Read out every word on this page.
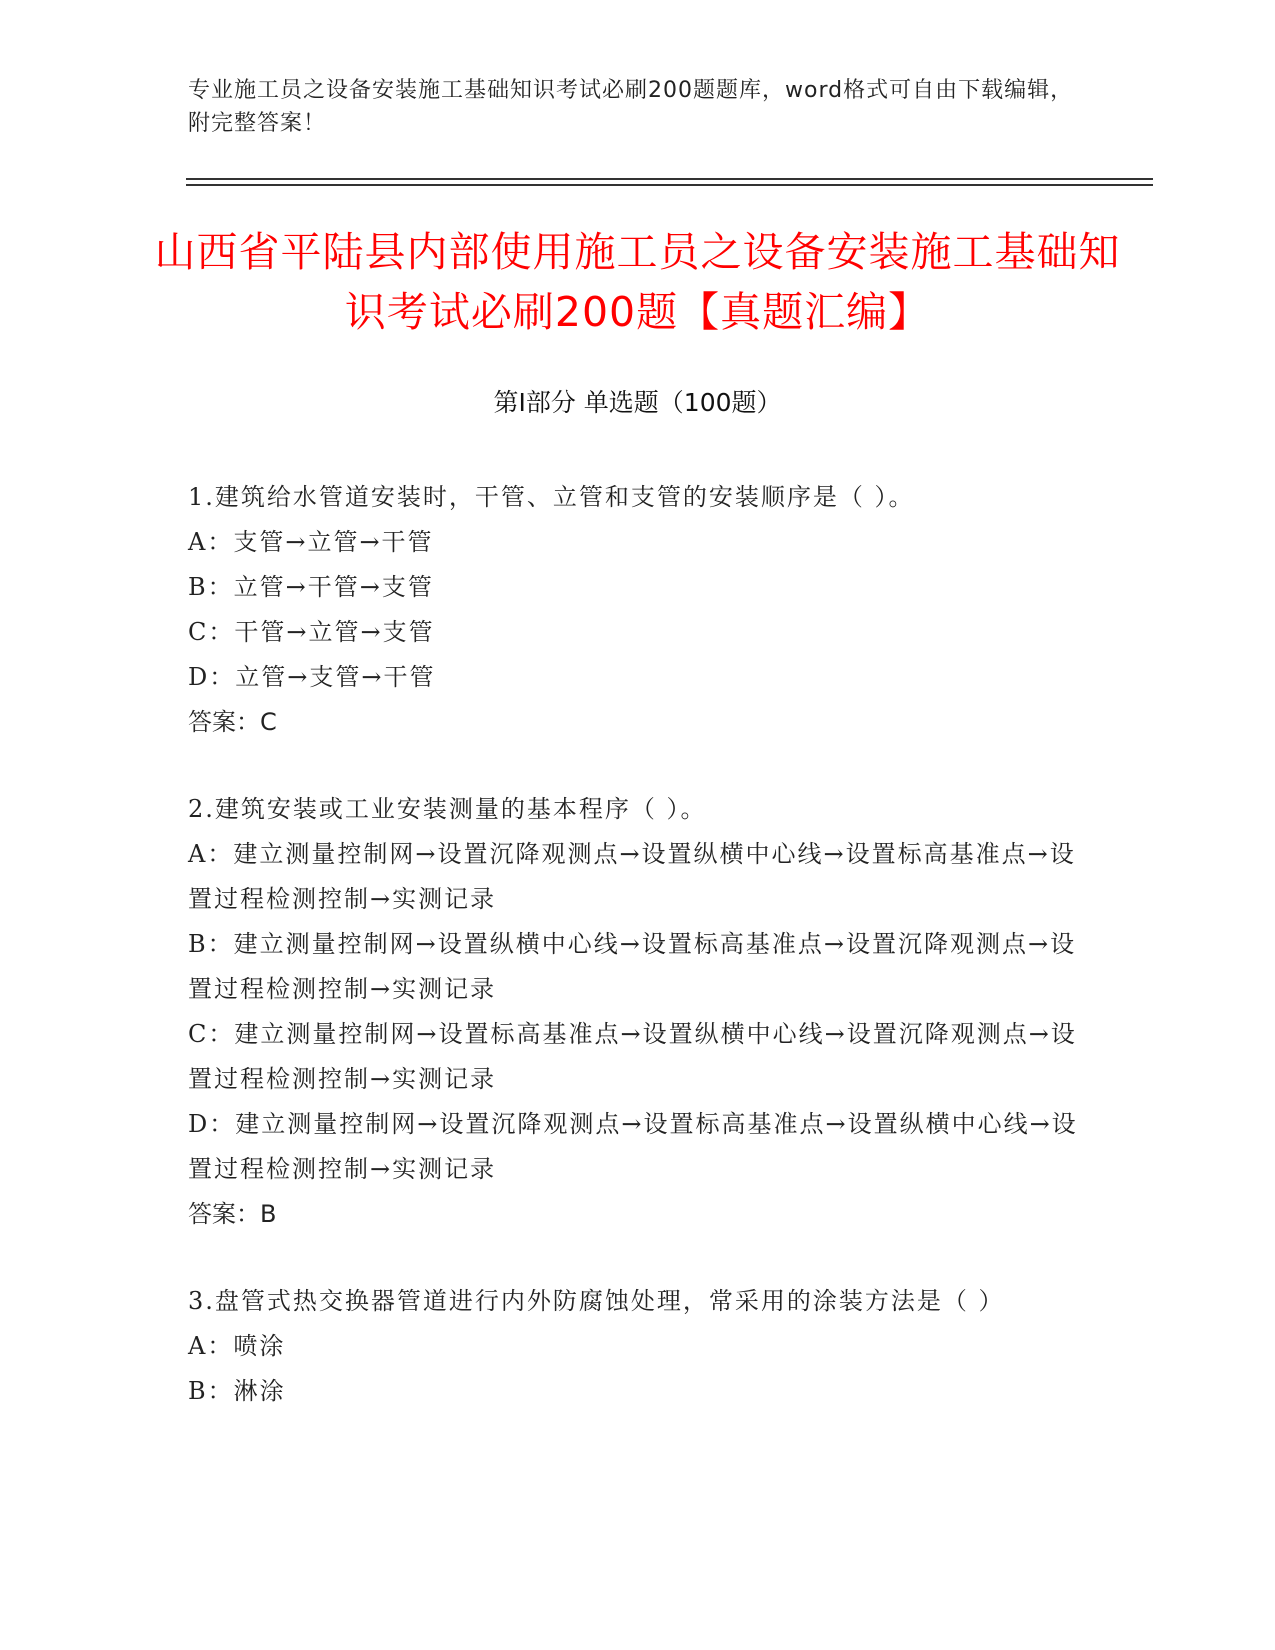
专业施工员之设备安装施工基础知识考试必刷200题题库，word格式可自由下载编辑，附完整答案！
山西省平陆县内部使用施工员之设备安装施工基础知识考试必刷200题【真题汇编】
第Ⅰ部分 单选题（100题）

1.建筑给水管道安装时，干管、立管和支管的安装顺序是（ ）。

A：支管→立管→干管

B：立管→干管→支管

C：干管→立管→支管

D：立管→支管→干管

答案：C

2.建筑安装或工业安装测量的基本程序（ ）。

A：建立测量控制网→设置沉降观测点→设置纵横中心线→设置标高基准点→设置过程检测控制→实测记录

B：建立测量控制网→设置纵横中心线→设置标高基准点→设置沉降观测点→设置过程检测控制→实测记录

C：建立测量控制网→设置标高基准点→设置纵横中心线→设置沉降观测点→设置过程检测控制→实测记录

D：建立测量控制网→设置沉降观测点→设置标高基准点→设置纵横中心线→设置过程检测控制→实测记录

答案：B

3.盘管式热交换器管道进行内外防腐蚀处理，常采用的涂装方法是（ ）

A：喷涂

B：淋涂
